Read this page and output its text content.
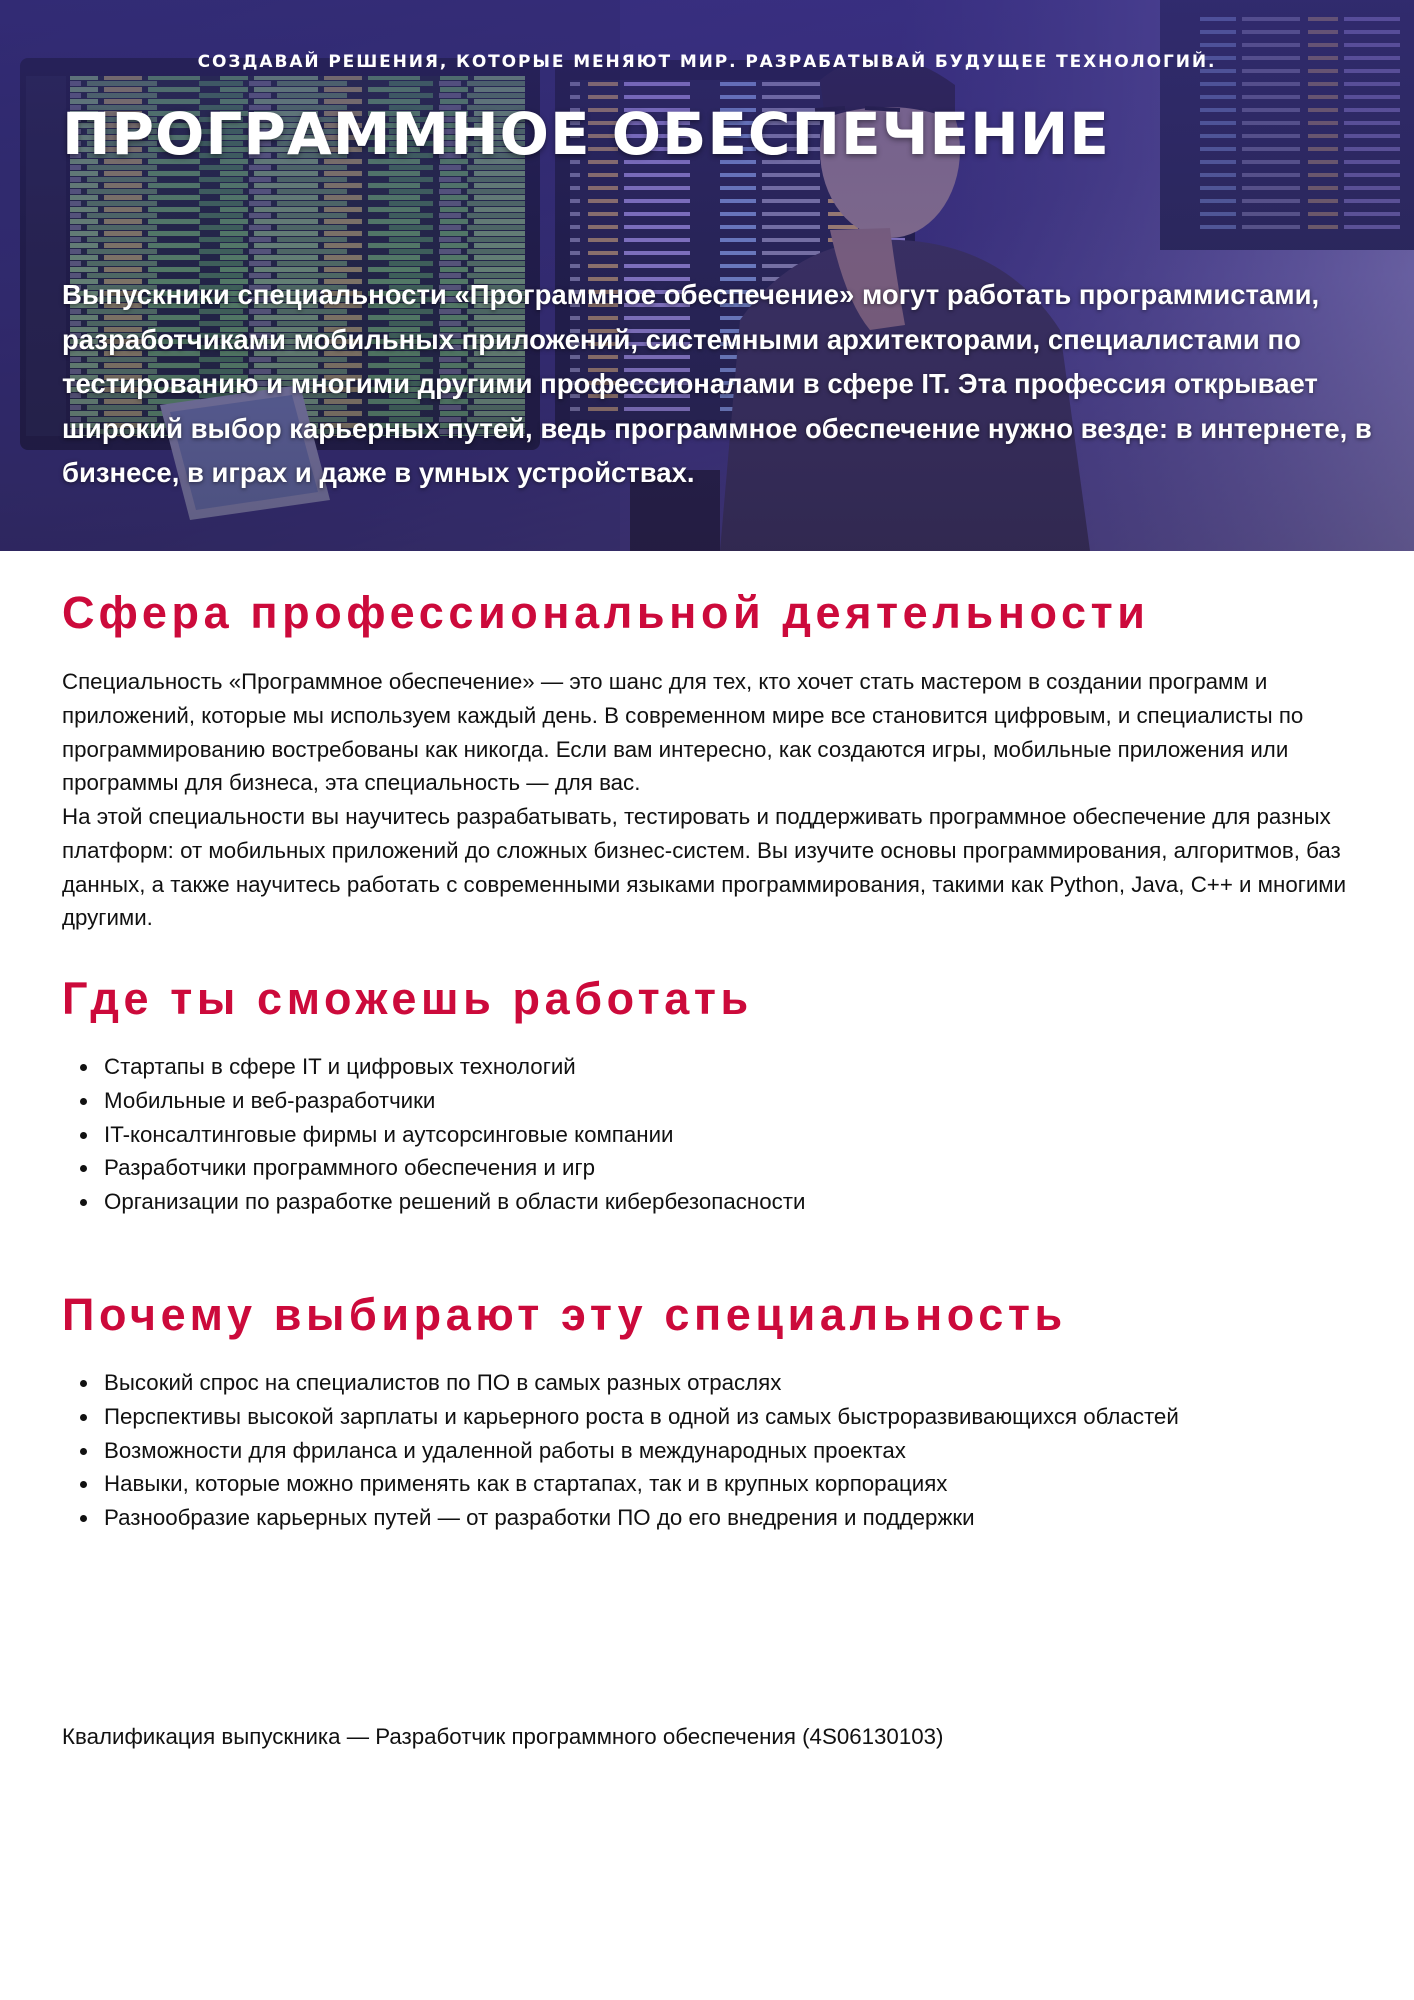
СОЗДАВАЙ РЕШЕНИЯ, КОТОРЫЕ МЕНЯЮТ МИР. РАЗРАБАТЫВАЙ БУДУЩЕЕ ТЕХНОЛОГИЙ.
ПРОГРАММНОЕ ОБЕСПЕЧЕНИЕ

Выпускники специальности «Программное обеспечение» могут работать программистами, разработчиками мобильных приложений, системными архитекторами, специалистами по тестированию и многими другими профессионалами в сфере IT. Эта профессия открывает широкий выбор карьерных путей, ведь программное обеспечение нужно везде: в интернете, в бизнесе, в играх и даже в умных устройствах.

Сфера профессиональной деятельности

Специальность «Программное обеспечение» — это шанс для тех, кто хочет стать мастером в создании программ и приложений, которые мы используем каждый день. В современном мире все становится цифровым, и специалисты по программированию востребованы как никогда. Если вам интересно, как создаются игры, мобильные приложения или программы для бизнеса, эта специальность — для вас.

На этой специальности вы научитесь разрабатывать, тестировать и поддерживать программное обеспечение для разных платформ: от мобильных приложений до сложных бизнес-систем. Вы изучите основы программирования, алгоритмов, баз данных, а также научитесь работать с современными языками программирования, такими как Python, Java, C++ и многими другими.

Где ты сможешь работать
Стартапы в сфере IT и цифровых технологий
Мобильные и веб-разработчики
IT-консалтинговые фирмы и аутсорсинговые компании
Разработчики программного обеспечения и игр
Организации по разработке решений в области кибербезопасности
Почему выбирают эту специальность
Высокий спрос на специалистов по ПО в самых разных отраслях
Перспективы высокой зарплаты и карьерного роста в одной из самых быстроразвивающихся областей
Возможности для фриланса и удаленной работы в международных проектах
Навыки, которые можно применять как в стартапах, так и в крупных корпорациях
Разнообразие карьерных путей — от разработки ПО до его внедрения и поддержки

Квалификация выпускника — Разработчик программного обеспечения (4S06130103)
